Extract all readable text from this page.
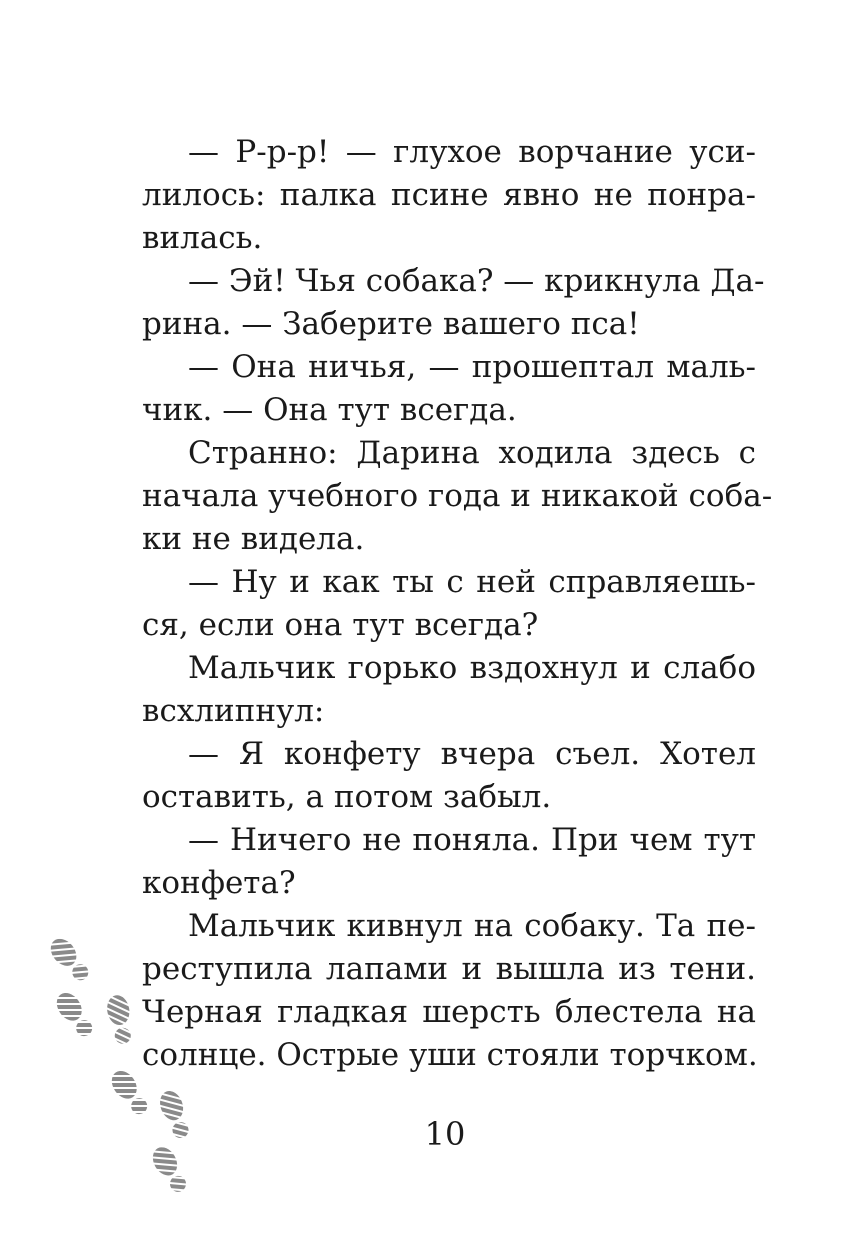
— Р-р-р! — глухое ворчание уси-
лилось: палка псине явно не понра-
вилась.
— Эй! Чья собака? — крикнула Да-
рина. — Заберите вашего пса!
— Она ничья, — прошептал маль-
чик. — Она тут всегда.
Странно: Дарина ходила здесь с
начала учебного года и никакой соба-
ки не видела.
— Ну и как ты с ней справляешь-
ся, если она тут всегда?
Мальчик горько вздохнул и слабо
всхлипнул:
— Я конфету вчера съел. Хотел
оставить, а потом забыл.
— Ничего не поняла. При чем тут
конфета?
Мальчик кивнул на собаку. Та пе-
реступила лапами и вышла из тени.
Черная гладкая шерсть блестела на
солнце. Острые уши стояли торчком.
10
